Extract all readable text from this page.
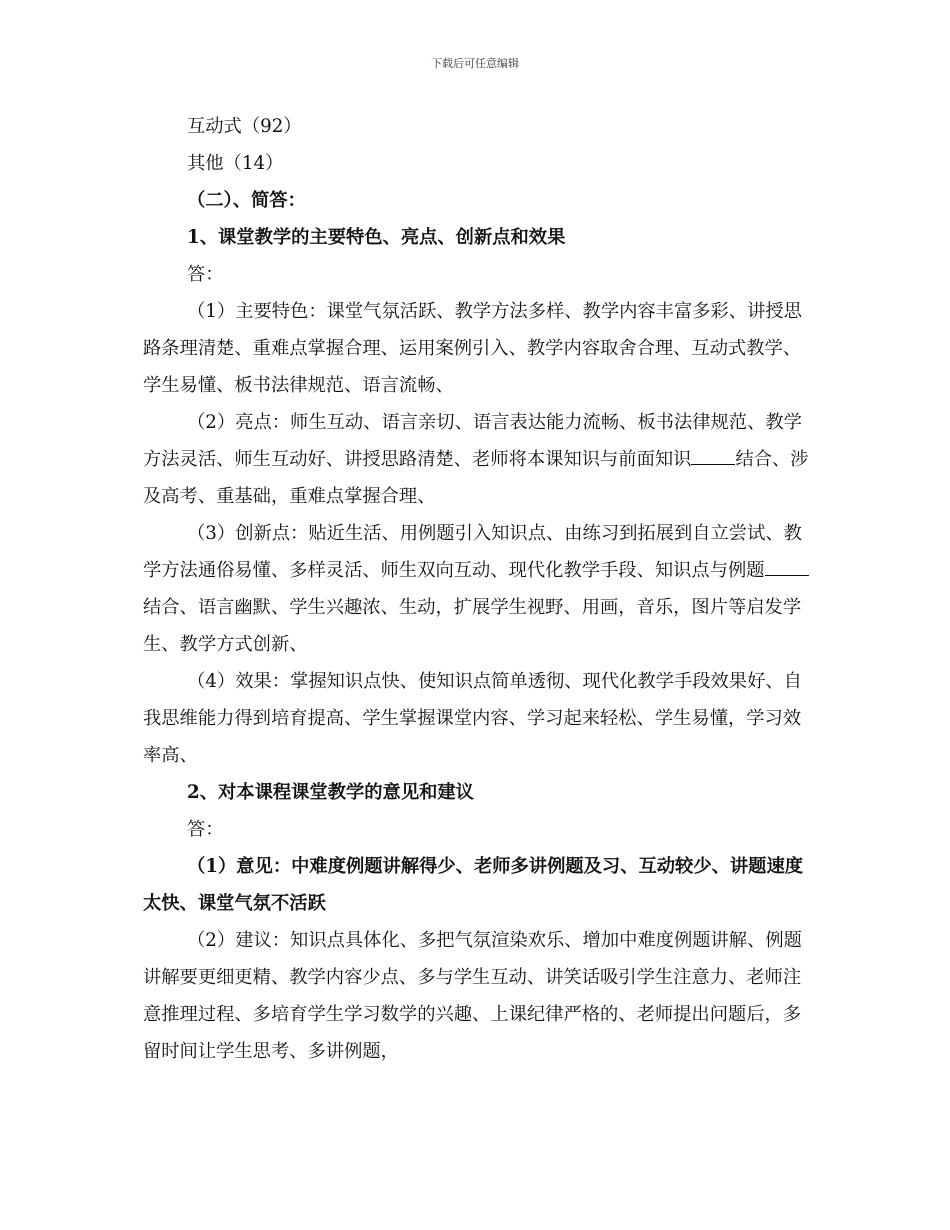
下载后可任意编辑

互动式（92）

其他（14）

（二）、简答：

1、课堂教学的主要特色、亮点、创新点和效果

答：

（1）主要特色：课堂气氛活跃、教学方法多样、教学内容丰富多彩、讲授思路条理清楚、重难点掌握合理、运用案例引入、教学内容取舍合理、互动式教学、学生易懂、板书法律规范、语言流畅、

（2）亮点：师生互动、语言亲切、语言表达能力流畅、板书法律规范、教学方法灵活、师生互动好、讲授思路清楚、老师将本课知识与前面知识 结合、涉及高考、重基础，重难点掌握合理、

（3）创新点：贴近生活、用例题引入知识点、由练习到拓展到自立尝试、教学方法通俗易懂、多样灵活、师生双向互动、现代化教学手段、知识点与例题结合、语言幽默、学生兴趣浓、生动，扩展学生视野、用画，音乐，图片等启发学生、教学方式创新、

（4）效果：掌握知识点快、使知识点简单透彻、现代化教学手段效果好、自我思维能力得到培育提高、学生掌握课堂内容、学习起来轻松、学生易懂，学习效率高、

2、对本课程课堂教学的意见和建议

答：

（1）意见：中难度例题讲解得少、老师多讲例题及习、互动较少、讲题速度太快、课堂气氛不活跃

（2）建议：知识点具体化、多把气氛渲染欢乐、增加中难度例题讲解、例题讲解要更细更精、教学内容少点、多与学生互动、讲笑话吸引学生注意力、老师注意推理过程、多培育学生学习数学的兴趣、上课纪律严格的、老师提出问题后，多留时间让学生思考、多讲例题，
